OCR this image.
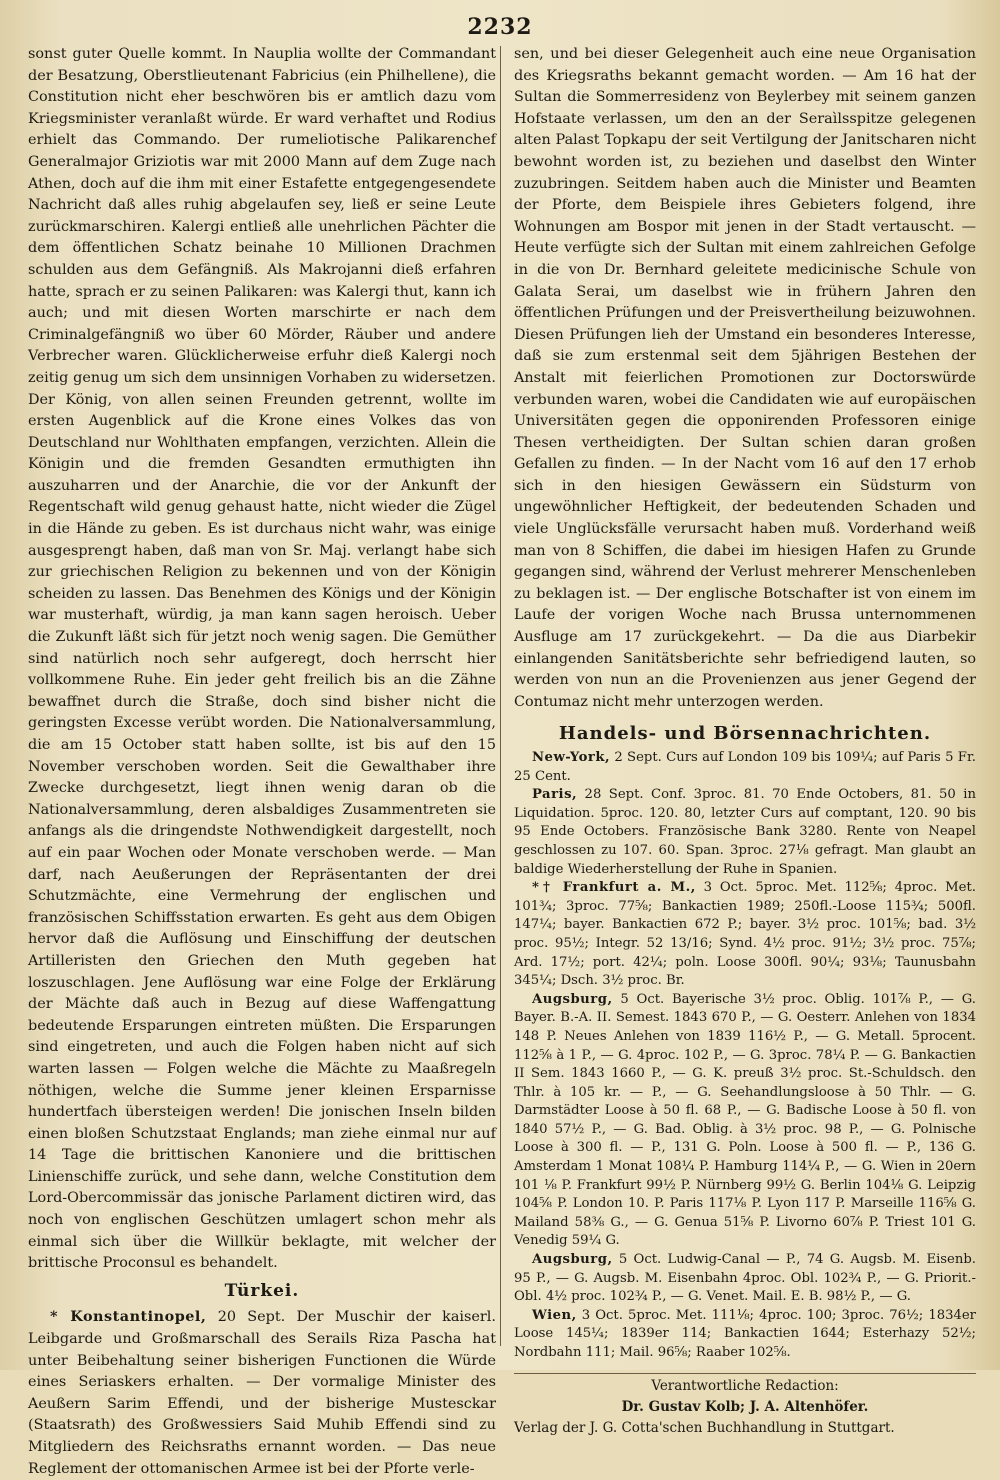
2232

sonst guter Quelle kommt. In Nauplia wollte der Commandant der Besatzung, Oberstlieutenant Fabricius (ein Philhellene), die Constitution nicht eher beschwören bis er amtlich dazu vom Kriegsminister veranlaßt würde. Er ward verhaftet und Rodius erhielt das Commando. Der rumeliotische Palikarenchef Generalmajor Griziotis war mit 2000 Mann auf dem Zuge nach Athen, doch auf die ihm mit einer Estafette entgegengesendete Nachricht daß alles ruhig abgelaufen sey, ließ er seine Leute zurückmarschiren. Kalergi entließ alle unehrlichen Pächter die dem öffentlichen Schatz beinahe 10 Millionen Drachmen schulden aus dem Gefängniß. Als Makrojanni dieß erfahren hatte, sprach er zu seinen Palikaren: was Kalergi thut, kann ich auch; und mit diesen Worten marschirte er nach dem Criminalgefängniß wo über 60 Mörder, Räuber und andere Verbrecher waren. Glücklicherweise erfuhr dieß Kalergi noch zeitig genug um sich dem unsinnigen Vorhaben zu widersetzen. Der König, von allen seinen Freunden getrennt, wollte im ersten Augenblick auf die Krone eines Volkes das von Deutschland nur Wohlthaten empfangen, verzichten. Allein die Königin und die fremden Gesandten ermuthigten ihn auszuharren und der Anarchie, die vor der Ankunft der Regentschaft wild genug gehaust hatte, nicht wieder die Zügel in die Hände zu geben. Es ist durchaus nicht wahr, was einige ausgesprengt haben, daß man von Sr. Maj. verlangt habe sich zur griechischen Religion zu bekennen und von der Königin scheiden zu lassen. Das Benehmen des Königs und der Königin war musterhaft, würdig, ja man kann sagen heroisch. Ueber die Zukunft läßt sich für jetzt noch wenig sagen. Die Gemüther sind natürlich noch sehr aufgeregt, doch herrscht hier vollkommene Ruhe. Ein jeder geht freilich bis an die Zähne bewaffnet durch die Straße, doch sind bisher nicht die geringsten Excesse verübt worden. Die Nationalversammlung, die am 15 October statt haben sollte, ist bis auf den 15 November verschoben worden. Seit die Gewalthaber ihre Zwecke durchgesetzt, liegt ihnen wenig daran ob die Nationalversammlung, deren alsbaldiges Zusammentreten sie anfangs als die dringendste Nothwendigkeit dargestellt, noch auf ein paar Wochen oder Monate verschoben werde. — Man darf, nach Aeußerungen der Repräsentanten der drei Schutzmächte, eine Vermehrung der englischen und französischen Schiffsstation erwarten. Es geht aus dem Obigen hervor daß die Auflösung und Einschiffung der deutschen Artilleristen den Griechen den Muth gegeben hat loszuschlagen. Jene Auflösung war eine Folge der Erklärung der Mächte daß auch in Bezug auf diese Waffengattung bedeutende Ersparungen eintreten müßten. Die Ersparungen sind eingetreten, und auch die Folgen haben nicht auf sich warten lassen — Folgen welche die Mächte zu Maaßregeln nöthigen, welche die Summe jener kleinen Ersparnisse hundertfach übersteigen werden! Die jonischen Inseln bilden einen bloßen Schutzstaat Englands; man ziehe einmal nur auf 14 Tage die brittischen Kanoniere und die brittischen Linienschiffe zurück, und sehe dann, welche Constitution dem Lord-Obercommissär das jonische Parlament dictiren wird, das noch von englischen Geschützen umlagert schon mehr als einmal sich über die Willkür beklagte, mit welcher der brittische Proconsul es behandelt.

Türkei.

* Konstantinopel, 20 Sept. Der Muschir der kaiserl. Leibgarde und Großmarschall des Serails Riza Pascha hat unter Beibehaltung seiner bisherigen Functionen die Würde eines Seriaskers erhalten. — Der vormalige Minister des Aeußern Sarim Effendi, und der bisherige Mustesckar (Staatsrath) des Großwessiers Said Muhib Effendi sind zu Mitgliedern des Reichsraths ernannt worden. — Das neue Reglement der ottomanischen Armee ist bei der Pforte verle-

sen, und bei dieser Gelegenheit auch eine neue Organisation des Kriegsraths bekannt gemacht worden. — Am 16 hat der Sultan die Sommerresidenz von Beylerbey mit seinem ganzen Hofstaate verlassen, um den an der Seraìlsspitze gelegenen alten Palast Topkapu der seit Vertilgung der Janitscharen nicht bewohnt worden ist, zu beziehen und daselbst den Winter zuzubringen. Seitdem haben auch die Minister und Beamten der Pforte, dem Beispiele ihres Gebieters folgend, ihre Wohnungen am Bospor mit jenen in der Stadt vertauscht. — Heute verfügte sich der Sultan mit einem zahlreichen Gefolge in die von Dr. Bernhard geleitete medicinische Schule von Galata Serai, um daselbst wie in frühern Jahren den öffentlichen Prüfungen und der Preisvertheilung beizuwohnen. Diesen Prüfungen lieh der Umstand ein besonderes Interesse, daß sie zum erstenmal seit dem 5jährigen Bestehen der Anstalt mit feierlichen Promotionen zur Doctorswürde verbunden waren, wobei die Candidaten wie auf europäischen Universitäten gegen die opponirenden Professoren einige Thesen vertheidigten. Der Sultan schien daran großen Gefallen zu finden. — In der Nacht vom 16 auf den 17 erhob sich in den hiesigen Gewässern ein Südsturm von ungewöhnlicher Heftigkeit, der bedeutenden Schaden und viele Unglücksfälle verursacht haben muß. Vorderhand weiß man von 8 Schiffen, die dabei im hiesigen Hafen zu Grunde gegangen sind, während der Verlust mehrerer Menschenleben zu beklagen ist. — Der englische Botschafter ist von einem im Laufe der vorigen Woche nach Brussa unternommenen Ausfluge am 17 zurückgekehrt. — Da die aus Diarbekir einlangenden Sanitätsberichte sehr befriedigend lauten, so werden von nun an die Provenienzen aus jener Gegend der Contumaz nicht mehr unterzogen werden.

Handels- und Börsennachrichten.

New-York, 2 Sept. Curs auf London 109 bis 109¼; auf Paris 5 Fr. 25 Cent.

Paris, 28 Sept. Conf. 3proc. 81. 70 Ende Octobers, 81. 50 in Liquidation. 5proc. 120. 80, letzter Curs auf comptant, 120. 90 bis 95 Ende Octobers. Französische Bank 3280. Rente von Neapel geschlossen zu 107. 60. Span. 3proc. 27⅛ gefragt. Man glaubt an baldige Wiederherstellung der Ruhe in Spanien.

*† Frankfurt a. M., 3 Oct. 5proc. Met. 112⅝; 4proc. Met. 101¾; 3proc. 77⅝; Bankactien 1989; 250fl.-Loose 115¾; 500fl. 147¼; bayer. Bankactien 672 P.; bayer. 3½ proc. 101⅝; bad. 3½ proc. 95½; Integr. 52 13/16; Synd. 4½ proc. 91½; 3½ proc. 75⅞; Ard. 17½; port. 42¼; poln. Loose 300fl. 90¼; 93⅛; Taunusbahn 345¼; Dsch. 3½ proc. Br.

Augsburg, 5 Oct. Bayerische 3½ proc. Oblig. 101⅞ P., — G. Bayer. B.-A. II. Semest. 1843 670 P., — G. Oesterr. Anlehen von 1834 148 P. Neues Anlehen von 1839 116½ P., — G. Metall. 5procent. 112⅝ à 1 P., — G. 4proc. 102 P., — G. 3proc. 78¼ P. — G. Bankactien II Sem. 1843 1660 P., — G. K. preuß 3½ proc. St.-Schuldsch. den Thlr. à 105 kr. — P., — G. Seehandlungsloose à 50 Thlr. — G. Darmstädter Loose à 50 fl. 68 P., — G. Badische Loose à 50 fl. von 1840 57½ P., — G. Bad. Oblig. à 3½ proc. 98 P., — G. Polnische Loose à 300 fl. — P., 131 G. Poln. Loose à 500 fl. — P., 136 G. Amsterdam 1 Monat 108¼ P. Hamburg 114¼ P., — G. Wien in 20ern 101 ⅛ P. Frankfurt 99½ P. Nürnberg 99½ G. Berlin 104⅛ G. Leipzig 104⅝ P. London 10. P. Paris 117⅛ P. Lyon 117 P. Marseille 116⅝ G. Mailand 58⅜ G., — G. Genua 51⅝ P. Livorno 60⅞ P. Triest 101 G. Venedig 59¼ G.

Augsburg, 5 Oct. Ludwig-Canal — P., 74 G. Augsb. M. Eisenb. 95 P., — G. Augsb. M. Eisenbahn 4proc. Obl. 102¾ P., — G. Priorit.-Obl. 4½ proc. 102¾ P., — G. Venet. Mail. E. B. 98½ P., — G.

Wien, 3 Oct. 5proc. Met. 111⅛; 4proc. 100; 3proc. 76½; 1834er Loose 145¼; 1839er 114; Bankactien 1644; Esterhazy 52½; Nordbahn 111; Mail. 96⅝; Raaber 102⅝.

Verantwortliche Redaction:
Dr. Gustav Kolb; J. A. Altenhöfer.
Verlag der J. G. Cotta'schen Buchhandlung in Stuttgart.
